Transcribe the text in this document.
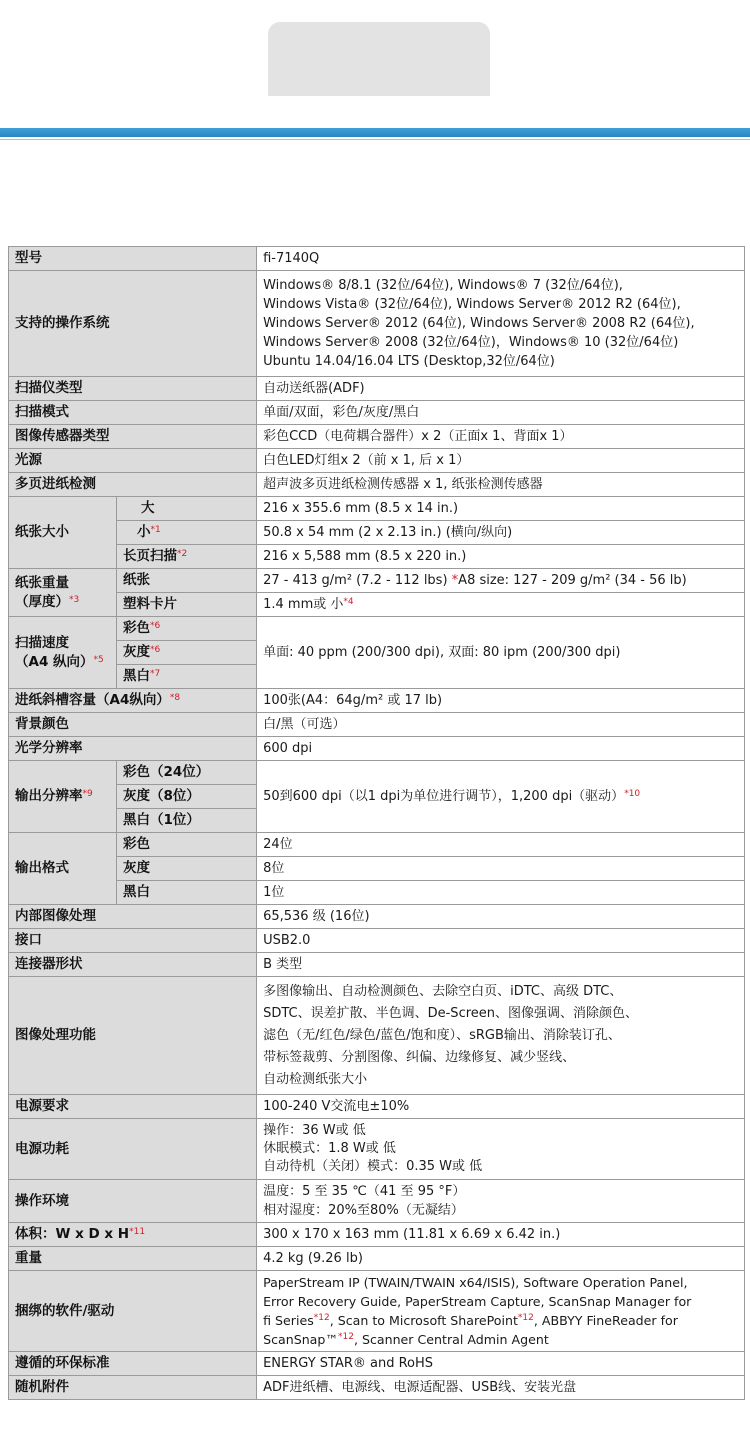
型号		fi-7140Q
支持的操作系统		Windows® 8/8.1 (32位/64位), Windows® 7 (32位/64位),
Windows Vista® (32位/64位), Windows Server® 2012 R2 (64位),
Windows Server® 2012 (64位), Windows Server® 2008 R2 (64位),
Windows Server® 2008 (32位/64位)，Windows® 10 (32位/64位)
Ubuntu 14.04/16.04 LTS (Desktop,32位/64位)

扫描仪类型		自动送纸器(ADF)
扫描模式		单面/双面，彩色/灰度/黑白
图像传感器类型		彩色CCD（电荷耦合器件）x 2（正面x 1、背面x 1）
光源		白色LED灯组x 2（前 x 1, 后 x 1）
多页进纸检测		超声波多页进纸检测传感器 x 1, 纸张检测传感器
纸张大小	大	216 x 355.6 mm (8.5 x 14 in.)
	小$^{*1}$	50.8 x 54 mm (2 x 2.13 in.) (横向/纵向)
	长页扫描$^{*2}$	216 x 5,588 mm (8.5 x 220 in.)

纸张重量
（厚度）$^{*3}$	纸张	27 - 413 g/m² (7.2 - 112 lbs) *A8 size: 127 - 209 g/m² (34 - 56 lb)
	塑料卡片	1.4 mm或 小$^{*4}$

扫描速度
（A4 纵向）$^{*5}$	彩色$^{*6}$	单面: 40 ppm (200/300 dpi), 双面: 80 ipm (200/300 dpi)
	灰度$^{*6}$
	黑白$^{*7}$
进纸斜槽容量（A4纵向）$^{*8}$		100张(A4：64g/m² 或 17 lb)
背景颜色		白/黑（可选）
光学分辨率		600 dpi
输出分辨率$^{*9}$	彩色（24位）	50到600 dpi（以1 dpi为单位进行调节），1,200 dpi（驱动）$^{*10}$
	灰度（8位）	
	黑白（1位）	
输出格式	彩色	24位
	灰度	8位
	黑白	1位
内部图像处理		65,536 级 (16位)
接口		USB2.0
连接器形状		B 类型
图像处理功能		多图像输出、自动检测颜色、去除空白页、iDTC、高级 DTC、
SDTC、误差扩散、半色调、De-Screen、图像强调、消除颜色、
滤色（无/红色/绿色/蓝色/饱和度）、sRGB输出、消除装订孔、
带标签裁剪、分割图像、纠偏、边缘修复、减少竖线、
自动检测纸张大小

电源要求		100-240 V交流电±10%
电源功耗		操作：36 W或 低
休眠模式：1.8 W或 低
自动待机（关闭）模式：0.35 W或 低

操作环境		温度：5 至 35 ℃（41 至 95 °F）
相对湿度：20%至80%（无凝结）

体积：W x D x $H^{*11}$		300 x 170 x 163 mm (11.81 x 6.69 x 6.42 in.)
重量		4.2 kg (9.26 lb)
捆绑的软件/驱动		PaperStream IP (TWAIN/TWAIN x64/ISIS), Software Operation Panel,
Error Recovery Guide, PaperStream Capture, ScanSnap Manager for
fi Series$^{*12}$, Scan to Microsoft SharePoint$^{*12}$, ABBYY FineReader for
ScanSnap™$^{*12}$, Scanner Central Admin Agent

遵循的环保标准		ENERGY STAR® and RoHS
随机附件		ADF进纸槽、电源线、电源适配器、USB线、安装光盘
